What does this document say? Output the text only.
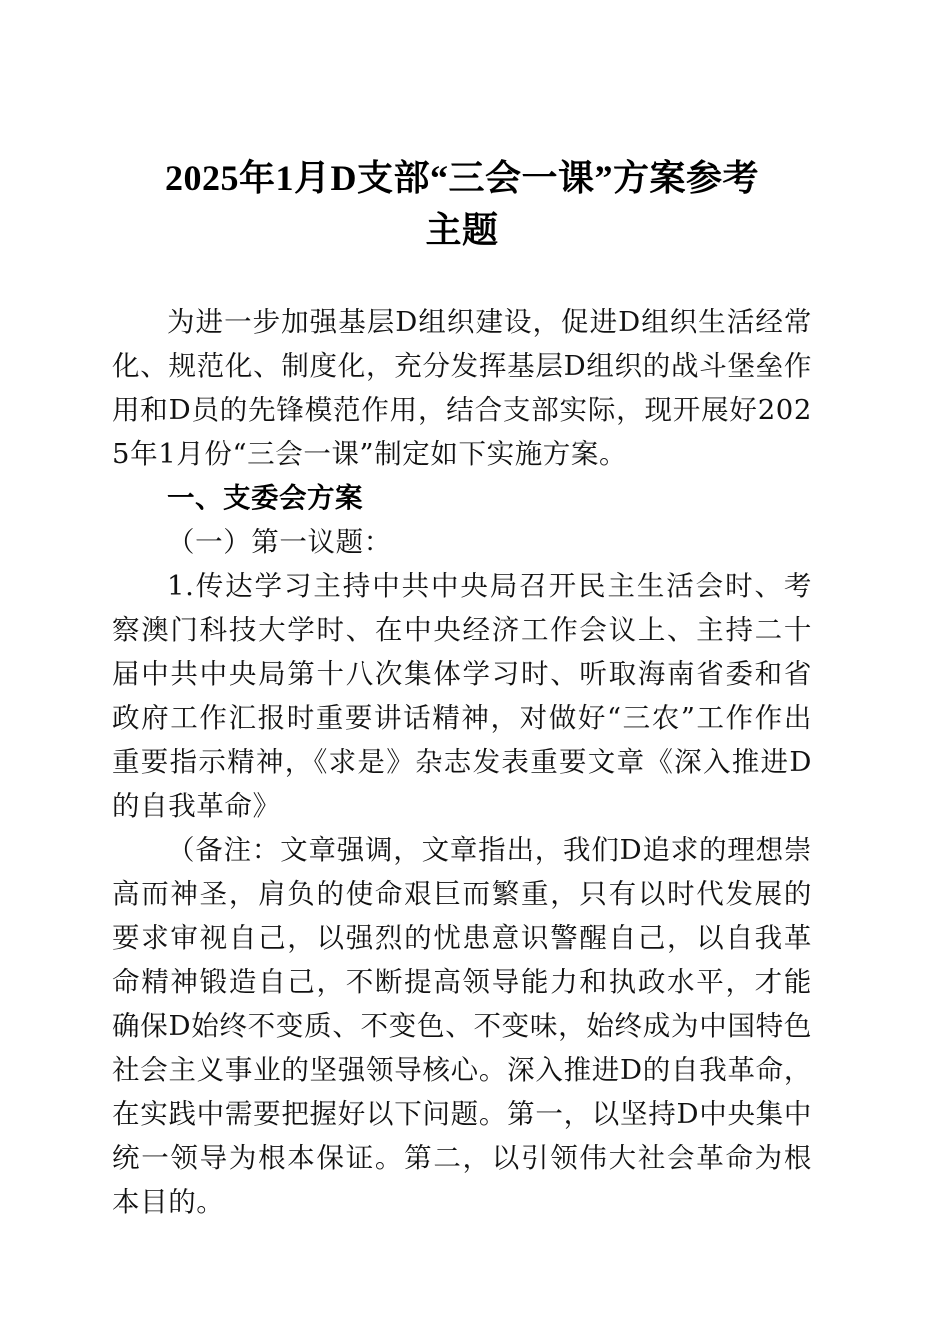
2025年1月D支部“三会一课”方案参考
主题

为进一步加强基层D组织建设，促进D组织生活经常化、规范化、制度化，充分发挥基层D组织的战斗堡垒作用和D员的先锋模范作用，结合支部实际，现开展好2025年1月份“三会一课”制定如下实施方案。

一、支委会方案

（一）第一议题：

1.传达学习主持中共中央局召开民主生活会时、考察澳门科技大学时、在中央经济工作会议上、主持二十届中共中央局第十八次集体学习时、听取海南省委和省政府工作汇报时重要讲话精神，对做好“三农”工作作出重要指示精神，《求是》杂志发表重要文章《深入推进D的自我革命》

（备注：文章强调，文章指出，我们D追求的理想崇高而神圣，肩负的使命艰巨而繁重，只有以时代发展的要求审视自己，以强烈的忧患意识警醒自己，以自我革命精神锻造自己，不断提高领导能力和执政水平，才能确保D始终不变质、不变色、不变味，始终成为中国特色社会主义事业的坚强领导核心。深入推进D的自我革命，在实践中需要把握好以下问题。第一，以坚持D中央集中统一领导为根本保证。第二，以引领伟大社会革命为根本目的。
